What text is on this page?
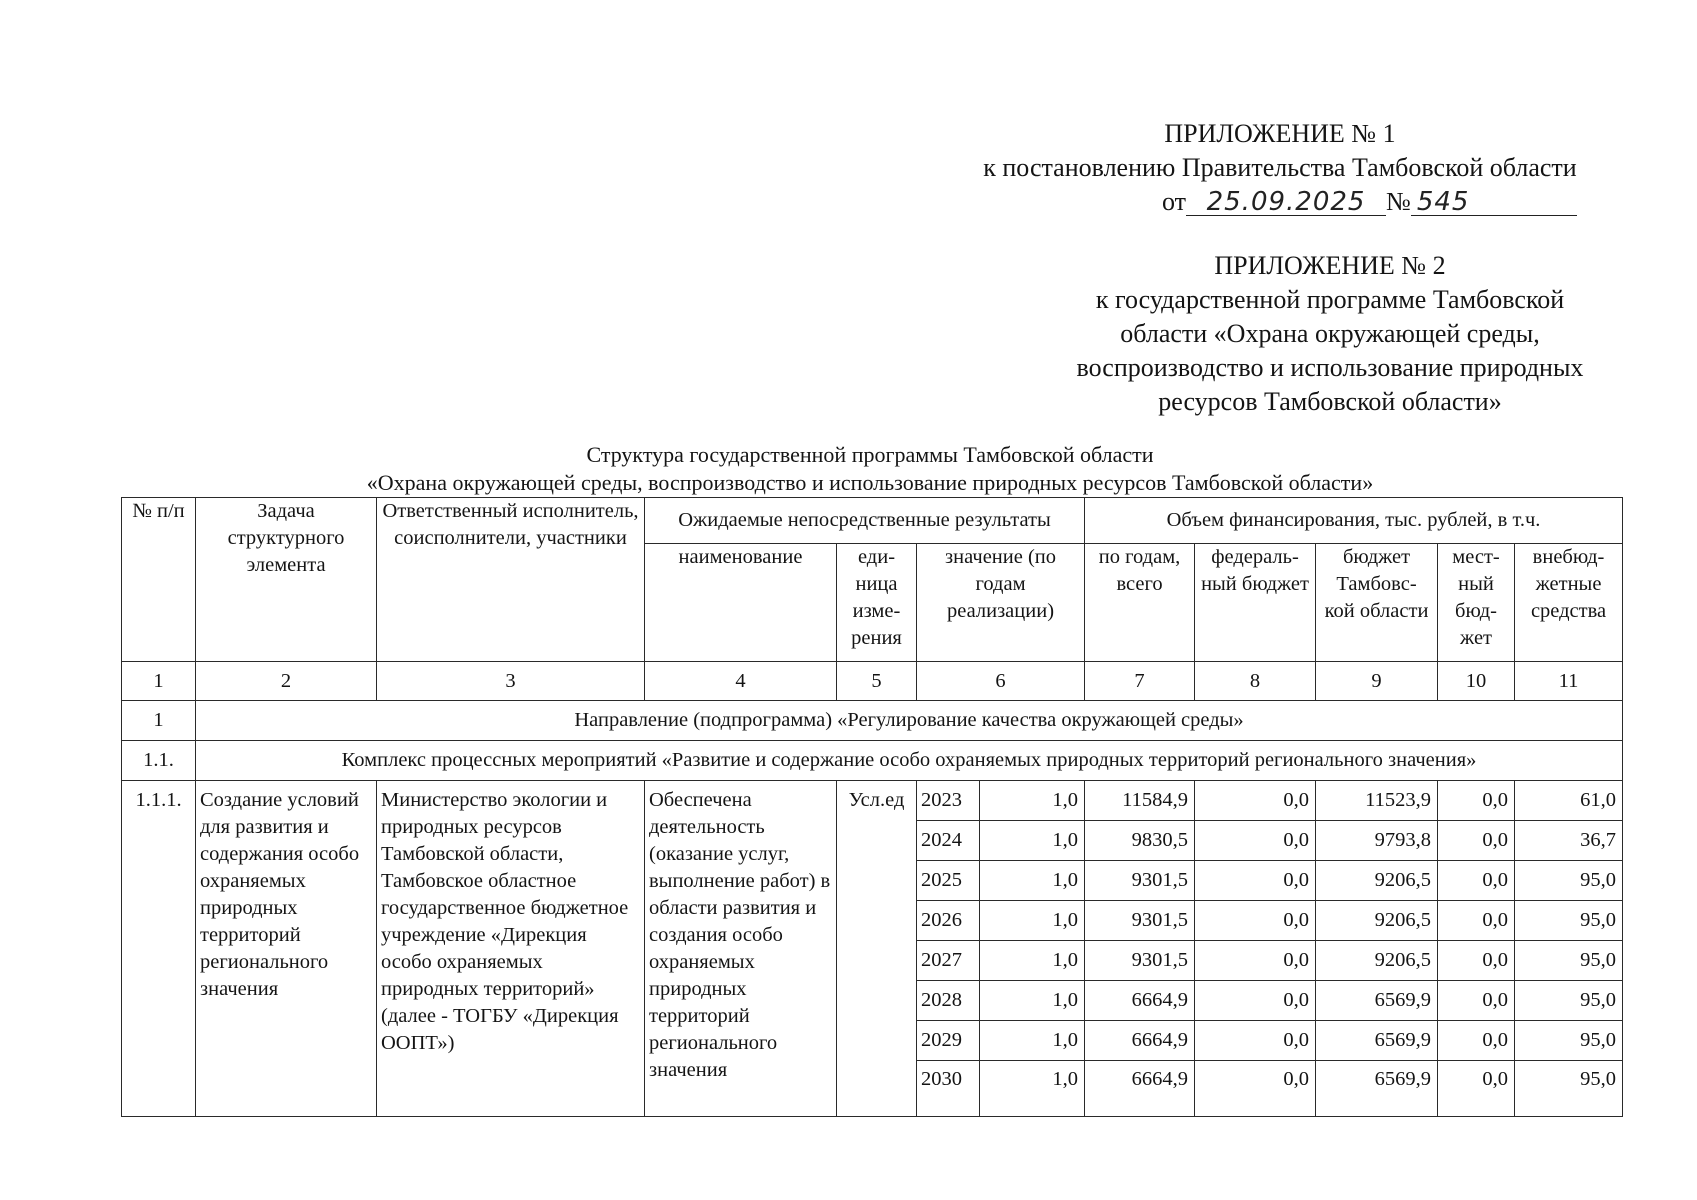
ПРИЛОЖЕНИЕ № 1
к постановлению Правительства Тамбовской области
от 25.09.2025 № 545
ПРИЛОЖЕНИЕ № 2
к государственной программе Тамбовской
области «Охрана окружающей среды,
воспроизводство и использование природных
ресурсов Тамбовской области»
Структура государственной программы Тамбовской области
«Охрана окружающей среды, воспроизводство и использование природных ресурсов Тамбовской области»
№ п/п	Задача структурного элемента	Ответственный исполнитель, соисполнители, участники	Ожидаемые непосредственные результаты				Объем финансирования, тыс. рублей, в т.ч.				
			наименование	еди- ница изме- рения	значение (по годам реализации)		по годам, всего	федераль- ный бюджет	бюджет Тамбовс- кой области	мест- ный бюд- жет	внебюд- жетные средства
1	2	3	4	5	6		7	8	9	10	11
1	Направление (подпрограмма) «Регулирование качества окружающей среды»										
1.1.	Комплекс процессных мероприятий «Развитие и содержание особо охраняемых природных территорий регионального значения»										
1.1.1.	Создание условий для развития и содержания особо охраняемых природных территорий регионального значения	Министерство экологии и природных ресурсов Тамбовской области, Тамбовское областное государственное бюджетное учреждение «Дирекция особо охраняемых природных территорий» (далее - ТОГБУ «Дирекция ООПТ»)	Обеспечена деятельность (оказание услуг, выполнение работ) в области развития и создания особо охраняемых природных территорий регионального значения	Усл.ед	2023	1,0	11584,9	0,0	11523,9	0,0	61,0
					2024	1,0	9830,5	0,0	9793,8	0,0	36,7
					2025	1,0	9301,5	0,0	9206,5	0,0	95,0
					2026	1,0	9301,5	0,0	9206,5	0,0	95,0
					2027	1,0	9301,5	0,0	9206,5	0,0	95,0
					2028	1,0	6664,9	0,0	6569,9	0,0	95,0
					2029	1,0	6664,9	0,0	6569,9	0,0	95,0
					2030	1,0	6664,9	0,0	6569,9	0,0	95,0
